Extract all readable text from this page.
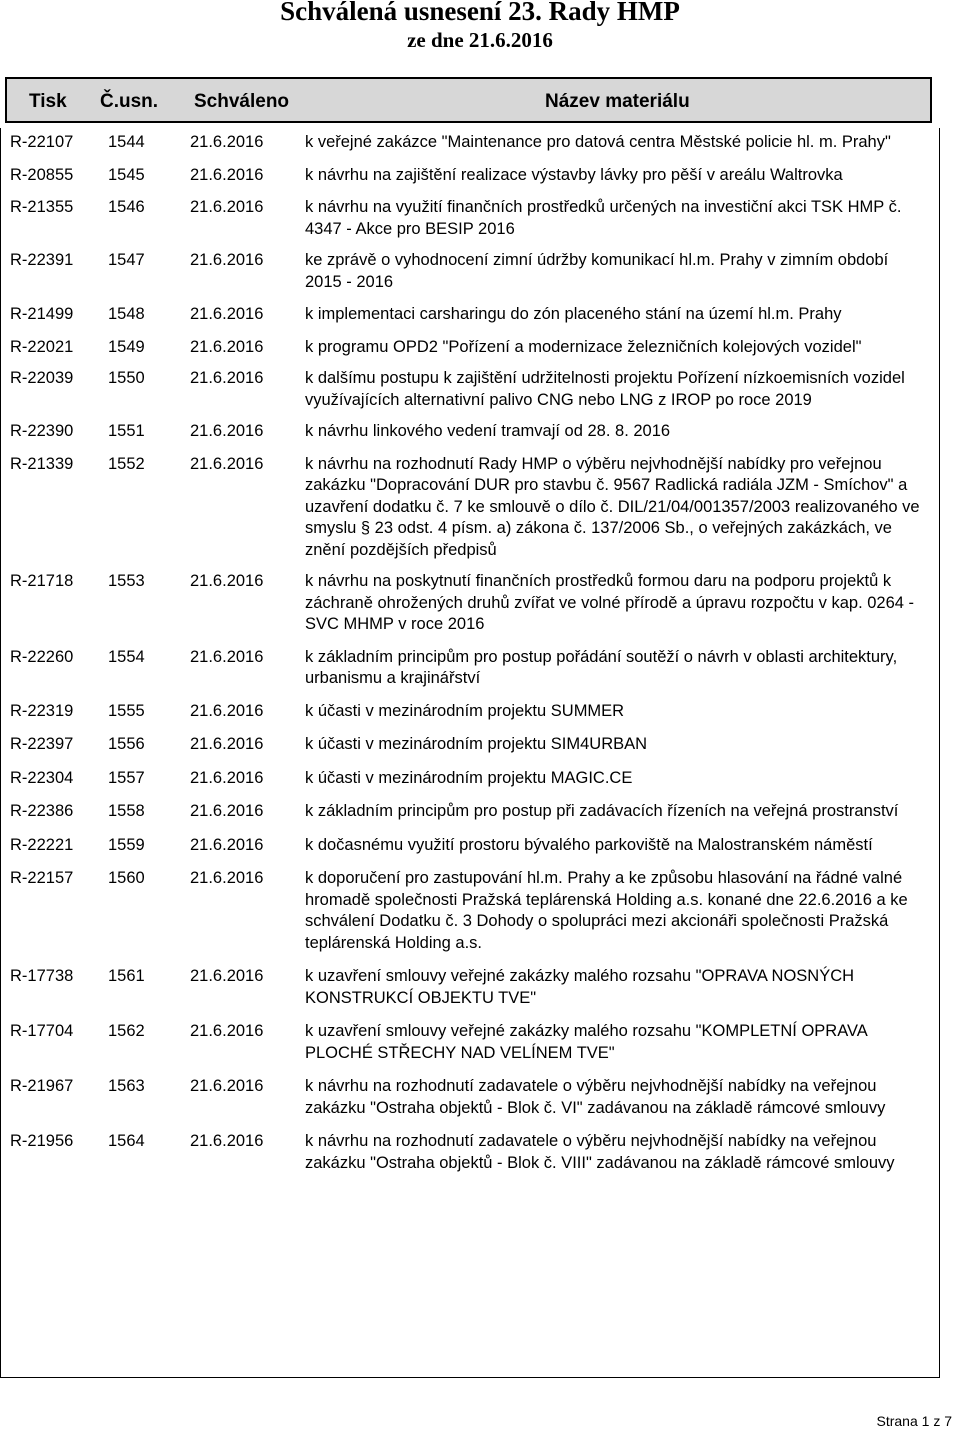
Schválená usnesení 23. Rady HMP
ze dne 21.6.2016
Tisk Č.usn. Schváleno	Název materiálu
R-22107	1544	21.6.2016	k veřejné zakázce "Maintenance pro datová centra Městské policie hl. m. Prahy"
R-20855	1545	21.6.2016	k návrhu na zajištění realizace výstavby lávky pro pěší v areálu Waltrovka
R-21355	1546	21.6.2016	k návrhu na využití finančních prostředků určených na investiční akci TSK HMP č. 4347 - Akce pro BESIP 2016
R-22391	1547	21.6.2016	ke zprávě o vyhodnocení zimní údržby komunikací hl.m. Prahy v zimním období 2015 - 2016
R-21499	1548	21.6.2016	k implementaci carsharingu do zón placeného stání na území hl.m. Prahy
R-22021	1549	21.6.2016	k programu OPD2 "Pořízení a modernizace železničních kolejových vozidel"
R-22039	1550	21.6.2016	k dalšímu postupu k zajištění udržitelnosti projektu Pořízení nízkoemisních vozidel využívajících alternativní palivo CNG nebo LNG z IROP po roce 2019
R-22390	1551	21.6.2016	k návrhu linkového vedení tramvají od 28. 8. 2016
R-21339	1552	21.6.2016	k návrhu na rozhodnutí Rady HMP o výběru nejvhodnější nabídky pro veřejnou zakázku "Dopracování DUR pro stavbu č. 9567 Radlická radiála JZM - Smíchov" a uzavření dodatku č. 7 ke smlouvě o dílo č. DIL/21/04/001357/2003 realizovaného ve smyslu § 23 odst. 4 písm. a) zákona č. 137/2006 Sb., o veřejných zakázkách, ve znění pozdějších předpisů
R-21718	1553	21.6.2016	k návrhu na poskytnutí finančních prostředků formou daru na podporu projektů k záchraně ohrožených druhů zvířat ve volné přírodě a úpravu rozpočtu v kap. 0264 - SVC MHMP v roce 2016
R-22260	1554	21.6.2016	k základním principům pro postup pořádání soutěží o návrh v oblasti architektury, urbanismu a krajinářství
R-22319	1555	21.6.2016	k účasti v mezinárodním projektu SUMMER
R-22397	1556	21.6.2016	k účasti v mezinárodním projektu SIM4URBAN
R-22304	1557	21.6.2016	k účasti v mezinárodním projektu MAGIC.CE
R-22386	1558	21.6.2016	k základním principům pro postup při zadávacích řízeních na veřejná prostranství
R-22221	1559	21.6.2016	k dočasnému využití prostoru bývalého parkoviště na Malostranském náměstí
R-22157	1560	21.6.2016	k doporučení pro zastupování hl.m. Prahy a ke způsobu hlasování na řádné valné hromadě společnosti Pražská teplárenská Holding a.s. konané dne 22.6.2016 a ke schválení Dodatku č. 3 Dohody o spolupráci mezi akcionáři společnosti Pražská teplárenská Holding a.s.
R-17738	1561	21.6.2016	k uzavření smlouvy veřejné zakázky malého rozsahu "OPRAVA NOSNÝCH KONSTRUKCÍ OBJEKTU TVE"
R-17704	1562	21.6.2016	k uzavření smlouvy veřejné zakázky malého rozsahu "KOMPLETNÍ OPRAVA PLOCHÉ STŘECHY NAD VELÍNEM TVE"
R-21967	1563	21.6.2016	k návrhu na rozhodnutí zadavatele o výběru nejvhodnější nabídky na veřejnou zakázku "Ostraha objektů - Blok č. VI" zadávanou na základě rámcové smlouvy
R-21956	1564	21.6.2016	k návrhu na rozhodnutí zadavatele o výběru nejvhodnější nabídky na veřejnou zakázku "Ostraha objektů - Blok č. VIII" zadávanou na základě rámcové smlouvy
Strana 1 z 7
